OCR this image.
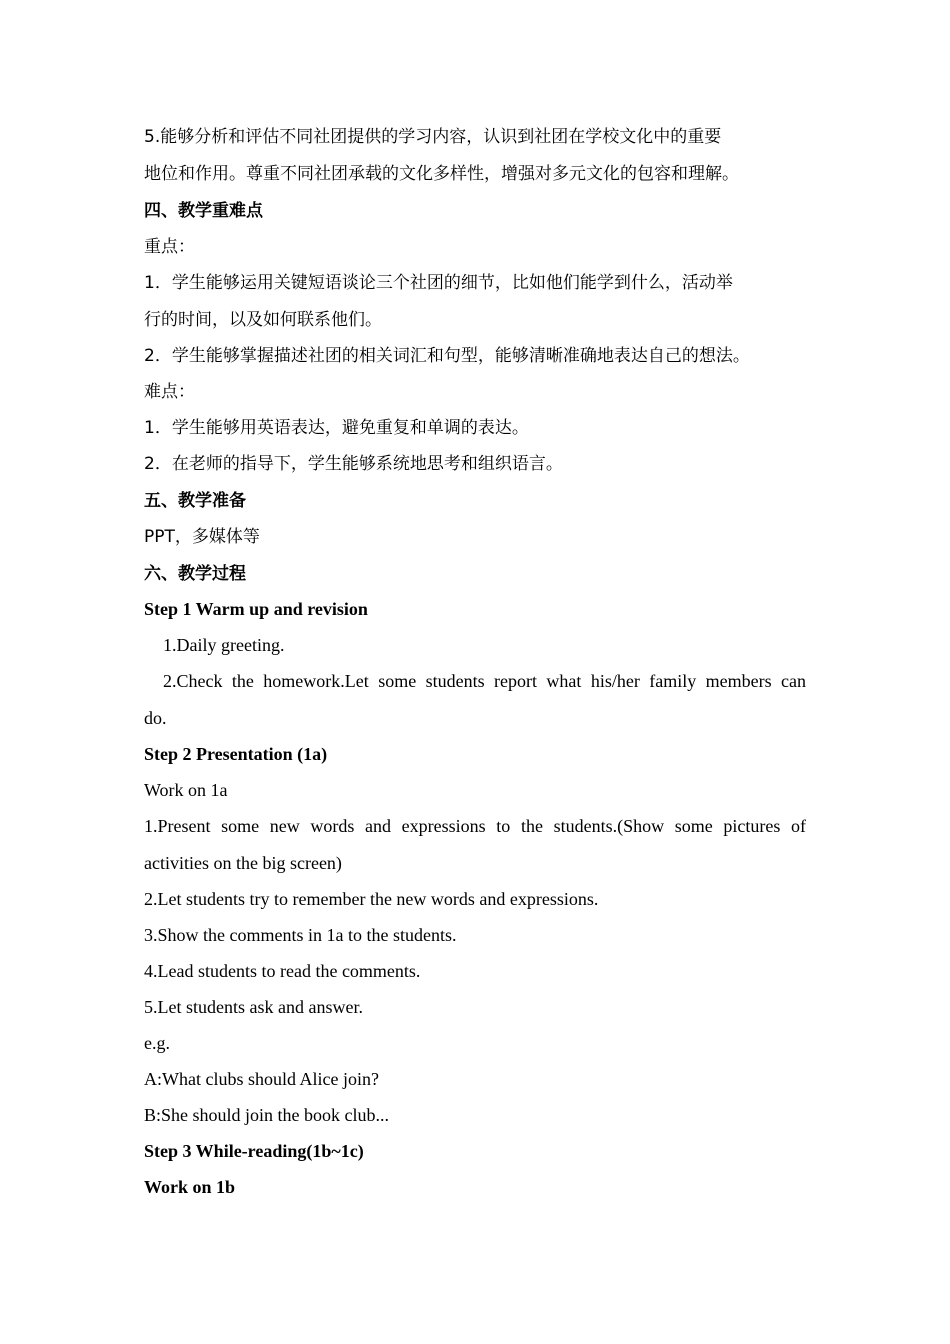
5.能够分析和评估不同社团提供的学习内容，认识到社团在学校文化中的重要
地位和作用。尊重不同社团承载的文化多样性，增强对多元文化的包容和理解。
四、教学重难点
重点：
1．学生能够运用关键短语谈论三个社团的细节，比如他们能学到什么，活动举
行的时间，以及如何联系他们。
2．学生能够掌握描述社团的相关词汇和句型，能够清晰准确地表达自己的想法。
难点：
1．学生能够用英语表达，避免重复和单调的表达。
2．在老师的指导下，学生能够系统地思考和组织语言。
五、教学准备
PPT，多媒体等
六、教学过程
Step 1 Warm up and revision
1.Daily greeting.
2.Check the homework.Let some students report what his/her family members can
do.
Step 2 Presentation (1a)
Work on 1a
1.Present some new words and expressions to the students.(Show some pictures of
activities on the big screen)
2.Let students try to remember the new words and expressions.
3.Show the comments in 1a to the students.
4.Lead students to read the comments.
5.Let students ask and answer.
e.g.
A:What clubs should Alice join?
B:She should join the book club...
Step 3 While-reading(1b~1c)
Work on 1b
